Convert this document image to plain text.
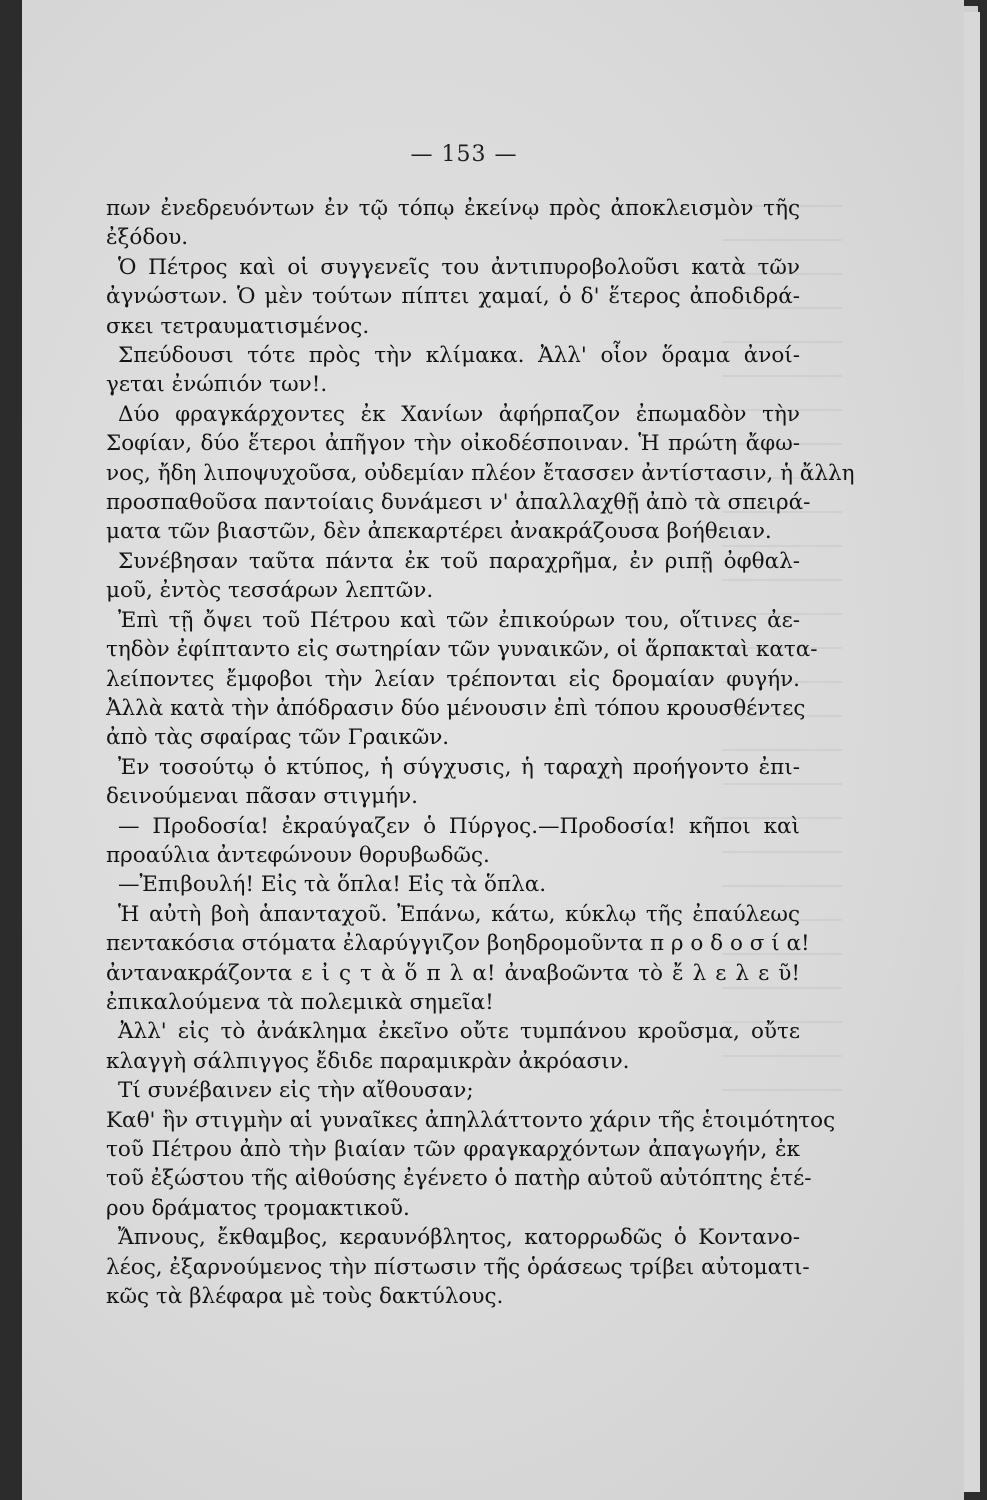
— 153 —
πων ἐνεδρευόντων ἐν τῷ τόπῳ ἐκείνῳ πρὸς ἀποκλεισμὸν τῆς
ἐξόδου.
Ὁ Πέτρος καὶ οἱ συγγενεῖς του ἀντιπυροβολοῦσι κατὰ τῶν
ἀγνώστων. Ὁ μὲν τούτων πίπτει χαμαί, ὁ δ' ἕτερος ἀποδιδρά-
σκει τετραυματισμένος.
Σπεύδουσι τότε πρὸς τὴν κλίμακα. Ἀλλ' οἷον ὅραμα ἀνοί-
γεται ἐνώπιόν των!.
Δύο φραγκάρχοντες ἐκ Χανίων ἀφήρπαζον ἐπωμαδὸν τὴν
Σοφίαν, δύο ἕτεροι ἀπῆγον τὴν οἰκοδέσποιναν. Ἡ πρώτη ἄφω-
νος, ἤδη λιποψυχοῦσα, οὐδεμίαν πλέον ἔτασσεν ἀντίστασιν, ἡ ἄλλη
προσπαθοῦσα παντοίαις δυνάμεσι ν' ἀπαλλαχθῇ ἀπὸ τὰ σπειρά-
ματα τῶν βιαστῶν, δὲν ἀπεκαρτέρει ἀνακράζουσα βοήθειαν.
Συνέβησαν ταῦτα πάντα ἐκ τοῦ παραχρῆμα, ἐν ριπῇ ὀφθαλ-
μοῦ, ἐντὸς τεσσάρων λεπτῶν.
Ἐπὶ τῇ ὄψει τοῦ Πέτρου καὶ τῶν ἐπικούρων του, οἵτινες ἀε-
τηδὸν ἐφίπταντο εἰς σωτηρίαν τῶν γυναικῶν, οἱ ἅρπακταὶ κατα-
λείποντες ἔμφοβοι τὴν λείαν τρέπονται εἰς δρομαίαν φυγήν.
Ἀλλὰ κατὰ τὴν ἀπόδρασιν δύο μένουσιν ἐπὶ τόπου κρουσθέντες
ἀπὸ τὰς σφαίρας τῶν Γραικῶν.
Ἐν τοσούτῳ ὁ κτύπος, ἡ σύγχυσις, ἡ ταραχὴ προήγοντο ἐπι-
δεινούμεναι πᾶσαν στιγμήν.
— Προδοσία! ἐκραύγαζεν ὁ Πύργος.—Προδοσία! κῆποι καὶ
προαύλια ἀντεφώνουν θορυβωδῶς.
—Ἐπιβουλή! Εἰς τὰ ὅπλα! Εἰς τὰ ὅπλα.
Ἡ αὐτὴ βοὴ ἁπανταχοῦ. Ἐπάνω, κάτω, κύκλῳ τῆς ἐπαύλεως
πεντακόσια στόματα ἐλαρύγγιζον βοηδρομοῦντα π ρ ο δ ο σ ί α!
ἀντανακράζοντα ε ἰ ς τ ὰ ὅ π λ α! ἀναβοῶντα τὸ ἔ λ ε λ ε ῦ!
ἐπικαλούμενα τὰ πολεμικὰ σημεῖα!
Ἀλλ' εἰς τὸ ἀνάκλημα ἐκεῖνο οὔτε τυμπάνου κροῦσμα, οὔτε
κλαγγὴ σάλπιγγος ἔδιδε παραμικρὰν ἀκρόασιν.
Τί συνέβαινεν εἰς τὴν αἴθουσαν;
Καθ' ἣν στιγμὴν αἱ γυναῖκες ἀπηλλάττοντο χάριν τῆς ἑτοιμότητος
τοῦ Πέτρου ἀπὸ τὴν βιαίαν τῶν φραγκαρχόντων ἀπαγωγήν, ἐκ
τοῦ ἐξώστου τῆς αἰθούσης ἐγένετο ὁ πατὴρ αὐτοῦ αὐτόπτης ἑτέ-
ρου δράματος τρομακτικοῦ.
Ἄπνους, ἔκθαμβος, κεραυνόβλητος, κατορρωδῶς ὁ Κοντανο-
λέος, ἐξαρνούμενος τὴν πίστωσιν τῆς ὁράσεως τρίβει αὐτοματι-
κῶς τὰ βλέφαρα μὲ τοὺς δακτύλους.
